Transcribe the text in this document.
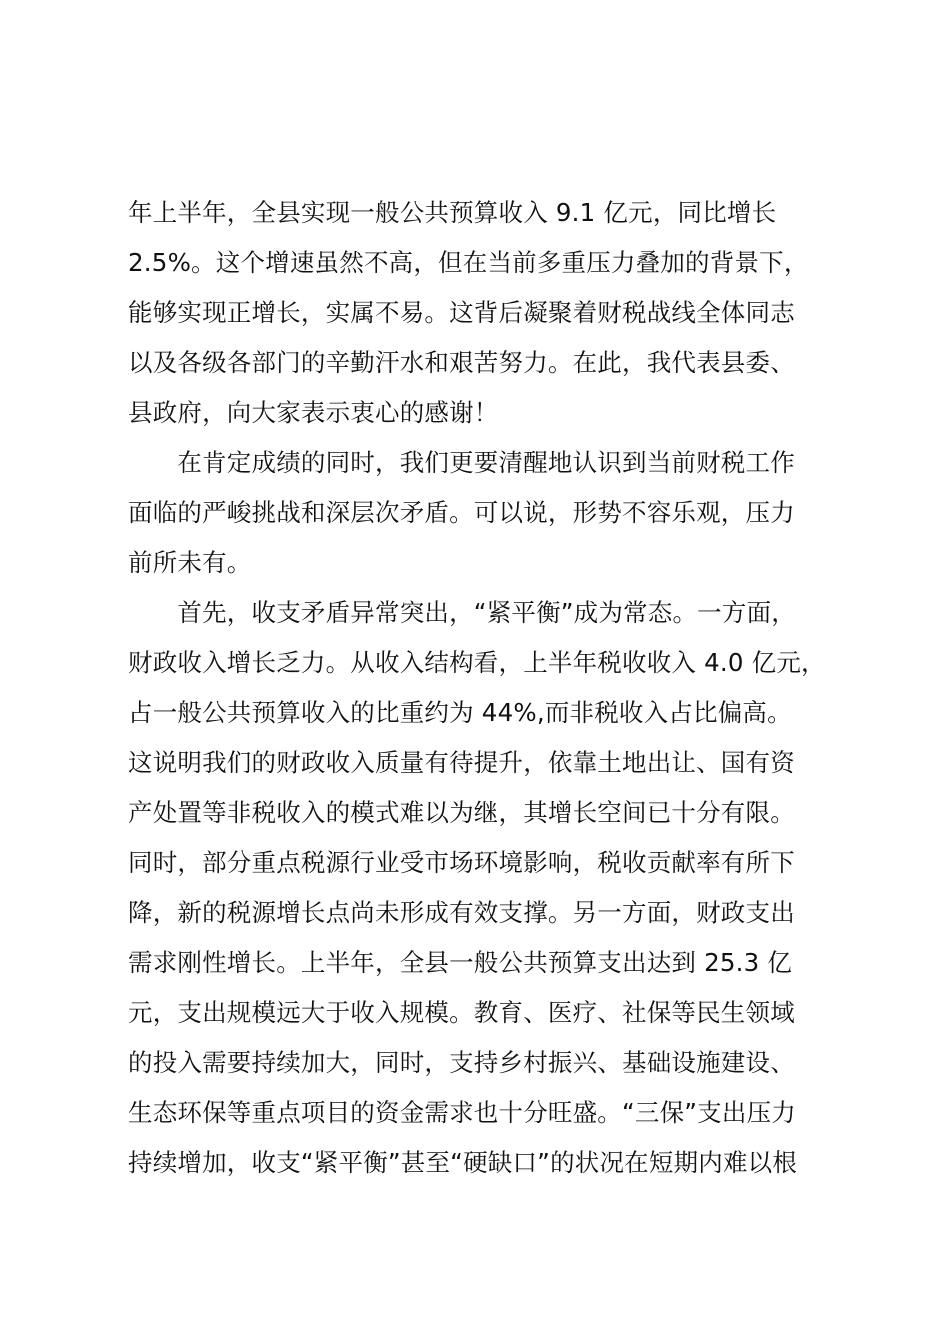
年上半年，全县实现一般公共预算收入 9.1 亿元，同比增长
2.5%。这个增速虽然不高，但在当前多重压力叠加的背景下，
能够实现正增长，实属不易。这背后凝聚着财税战线全体同志
以及各级各部门的辛勤汗水和艰苦努力。在此，我代表县委、
县政府，向大家表示衷心的感谢！
　　在肯定成绩的同时，我们更要清醒地认识到当前财税工作
面临的严峻挑战和深层次矛盾。可以说，形势不容乐观，压力
前所未有。
　　首先，收支矛盾异常突出，“紧平衡”成为常态。一方面，
财政收入增长乏力。从收入结构看，上半年税收收入 4.0 亿元，
占一般公共预算收入的比重约为 44%,而非税收入占比偏高。
这说明我们的财政收入质量有待提升，依靠土地出让、国有资
产处置等非税收入的模式难以为继，其增长空间已十分有限。
同时，部分重点税源行业受市场环境影响，税收贡献率有所下
降，新的税源增长点尚未形成有效支撑。另一方面，财政支出
需求刚性增长。上半年，全县一般公共预算支出达到 25.3 亿
元，支出规模远大于收入规模。教育、医疗、社保等民生领域
的投入需要持续加大，同时，支持乡村振兴、基础设施建设、
生态环保等重点项目的资金需求也十分旺盛。“三保”支出压力
持续增加，收支“紧平衡”甚至“硬缺口”的状况在短期内难以根
